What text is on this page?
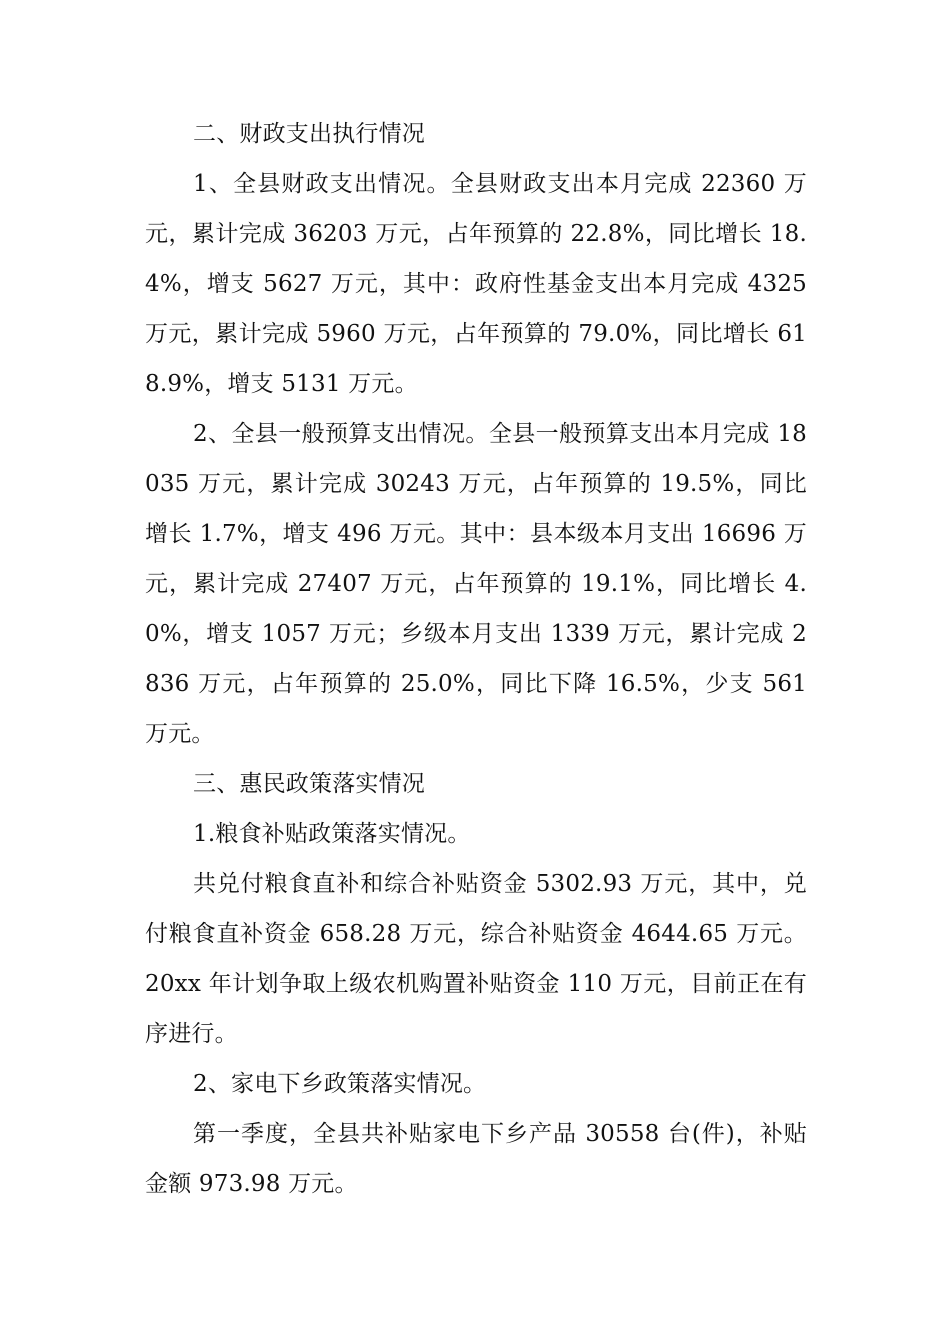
二、财政支出执行情况

1、全县财政支出情况。全县财政支出本月完成 22360 万元，累计完成 36203 万元，占年预算的 22.8%，同比增长 18.4%，增支 5627 万元，其中：政府性基金支出本月完成 4325 万元，累计完成 5960 万元，占年预算的 79.0%，同比增长 618.9%，增支 5131 万元。

2、全县一般预算支出情况。全县一般预算支出本月完成 18035 万元，累计完成 30243 万元，占年预算的 19.5%，同比增长 1.7%，增支 496 万元。其中：县本级本月支出 16696 万元，累计完成 27407 万元，占年预算的 19.1%，同比增长 4.0%，增支 1057 万元；乡级本月支出 1339 万元，累计完成 2836 万元，占年预算的 25.0%，同比下降 16.5%，少支 561 万元。

三、惠民政策落实情况

1.粮食补贴政策落实情况。

共兑付粮食直补和综合补贴资金 5302.93 万元，其中，兑付粮食直补资金 658.28 万元，综合补贴资金 4644.65 万元。20xx 年计划争取上级农机购置补贴资金 110 万元，目前正在有序进行。

2、家电下乡政策落实情况。

第一季度，全县共补贴家电下乡产品 30558 台(件)，补贴金额 973.98 万元。
